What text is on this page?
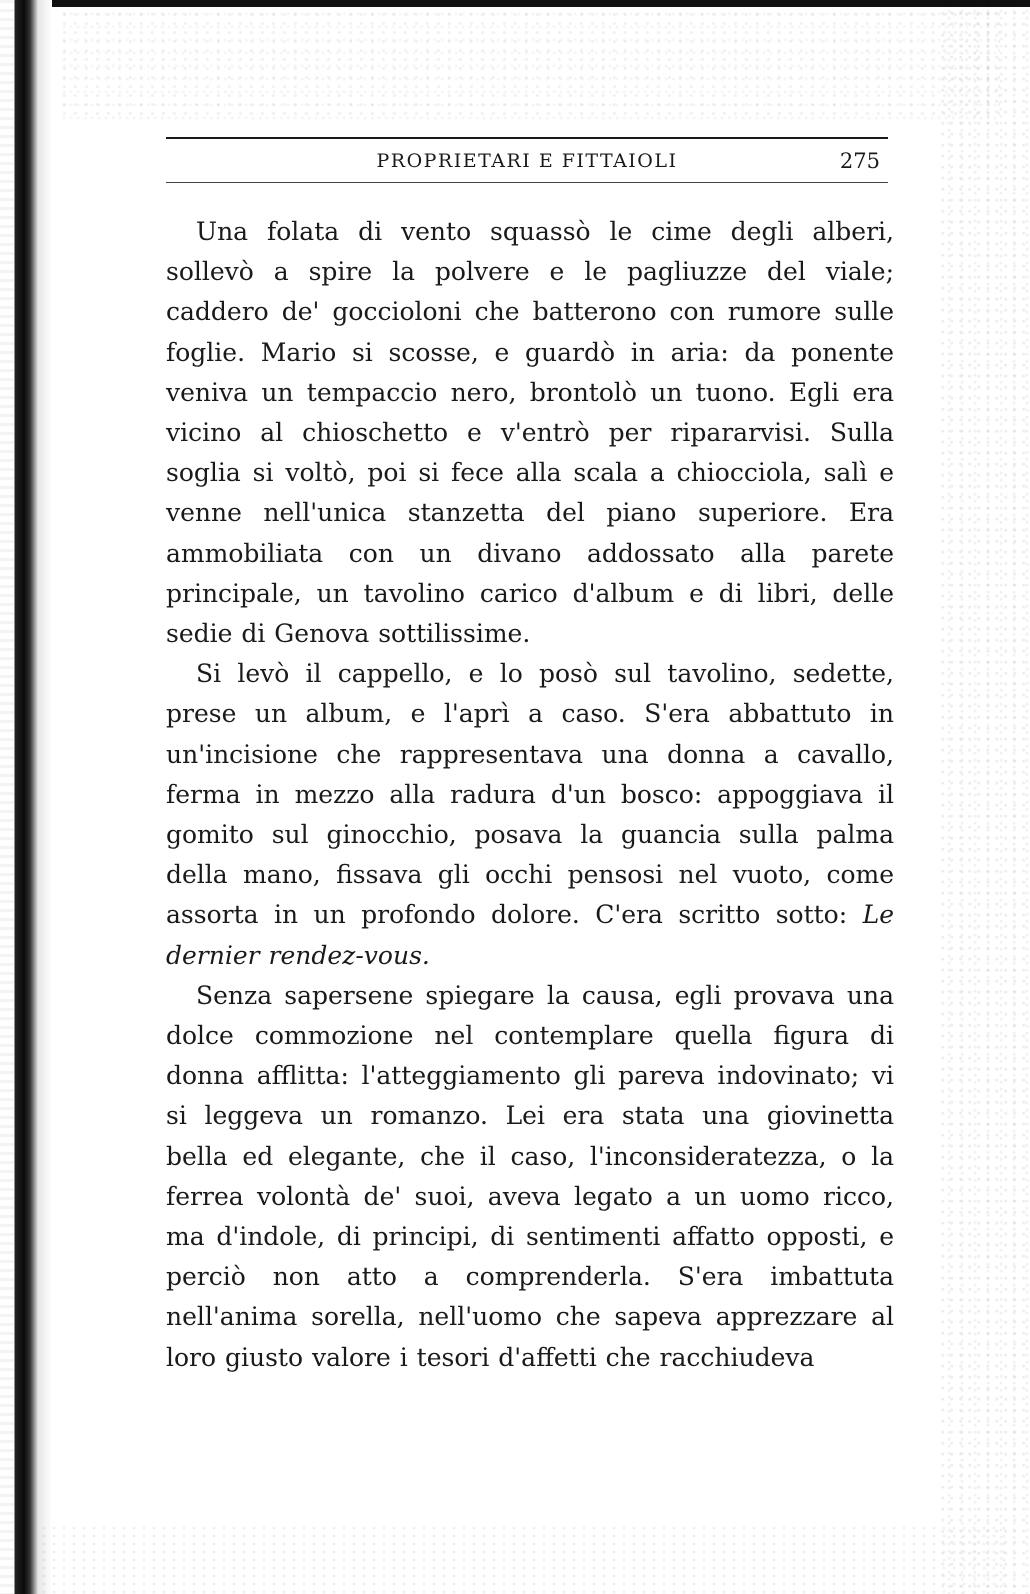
PROPRIETARI E FITTAIOLI	275

Una folata di vento squassò le cime degli alberi, sollevò a spire la polvere e le pagliuzze del viale; caddero de' goccioloni che batterono con rumore sulle foglie. Mario si scosse, e guardò in aria: da ponente veniva un tempaccio nero, brontolò un tuono. Egli era vicino al chioschetto e v'entrò per ripararvisi. Sulla soglia si voltò, poi si fece alla scala a chiocciola, salì e venne nell'unica stanzetta del piano superiore. Era ammobiliata con un divano addossato alla parete principale, un tavolino carico d'album e di libri, delle sedie di Genova sottilissime.

Si levò il cappello, e lo posò sul tavolino, sedette, prese un album, e l'aprì a caso. S'era abbattuto in un'incisione che rappresentava una donna a cavallo, ferma in mezzo alla radura d'un bosco: appoggiava il gomito sul ginocchio, posava la guancia sulla palma della mano, fissava gli occhi pensosi nel vuoto, come assorta in un profondo dolore. C'era scritto sotto: Le dernier rendez-vous.

Senza sapersene spiegare la causa, egli provava una dolce commozione nel contemplare quella figura di donna afflitta: l'atteggiamento gli pareva indovinato; vi si leggeva un romanzo. Lei era stata una giovinetta bella ed elegante, che il caso, l'inconsideratezza, o la ferrea volontà de' suoi, aveva legato a un uomo ricco, ma d'indole, di principi, di sentimenti affatto opposti, e perciò non atto a comprenderla. S'era imbattuta nell'anima sorella, nell'uomo che sapeva apprezzare al loro giusto valore i tesori d'affetti che racchiudeva
